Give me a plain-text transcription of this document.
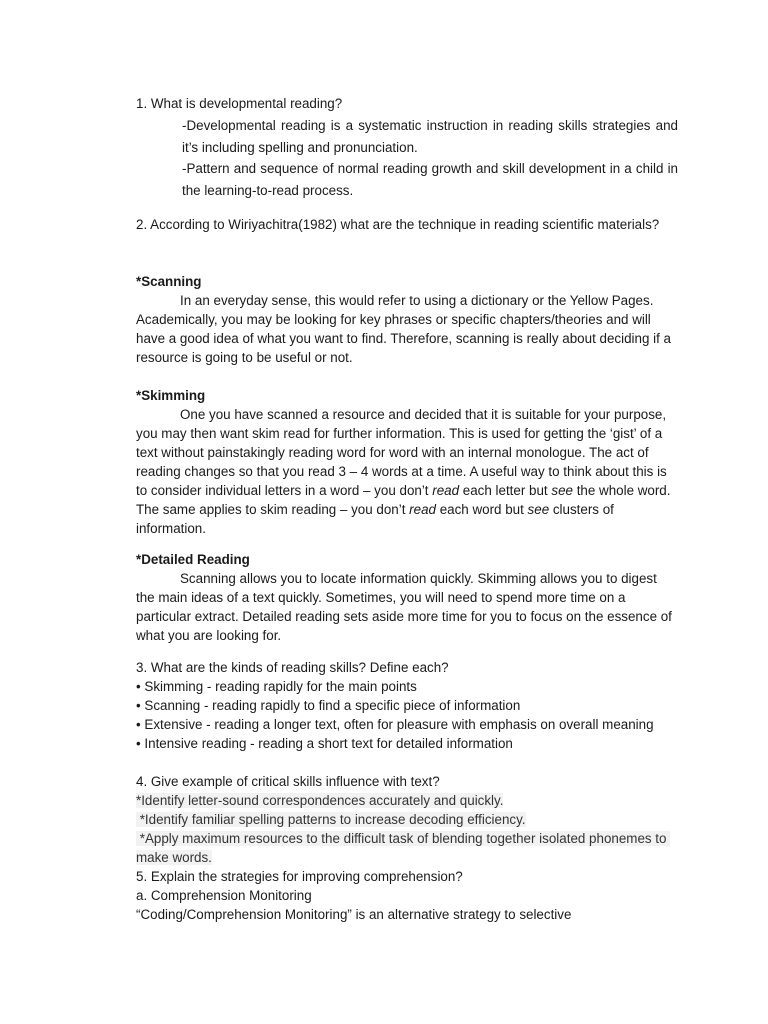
1. What is developmental reading?
-Developmental reading is a systematic instruction in reading skills strategies and it’s including spelling and pronunciation.
-Pattern and sequence of normal reading growth and skill development in a child in the learning-to-read process.
2. According to Wiriyachitra(1982) what are the technique in reading scientific materials?
*Scanning
In an everyday sense, this would refer to using a dictionary or the Yellow Pages. Academically, you may be looking for key phrases or specific chapters/theories and will have a good idea of what you want to find. Therefore, scanning is really about deciding if a resource is going to be useful or not.
*Skimming
One you have scanned a resource and decided that it is suitable for your purpose, you may then want skim read for further information. This is used for getting the ‘gist’ of a text without painstakingly reading word for word with an internal monologue. The act of reading changes so that you read 3 – 4 words at a time. A useful way to think about this is to consider individual letters in a word – you don’t read each letter but see the whole word. The same applies to skim reading – you don’t read each word but see clusters of information.
*Detailed Reading
Scanning allows you to locate information quickly. Skimming allows you to digest the main ideas of a text quickly. Sometimes, you will need to spend more time on a particular extract. Detailed reading sets aside more time for you to focus on the essence of what you are looking for.
3. What are the kinds of reading skills? Define each?
• Skimming - reading rapidly for the main points
• Scanning - reading rapidly to find a specific piece of information
• Extensive - reading a longer text, often for pleasure with emphasis on overall meaning
• Intensive reading - reading a short text for detailed information
4. Give example of critical skills influence with text?
*Identify letter-sound correspondences accurately and quickly.
*Identify familiar spelling patterns to increase decoding efficiency.
*Apply maximum resources to the difficult task of blending together isolated phonemes to make words.
5. Explain the strategies for improving comprehension?
a. Comprehension Monitoring
“Coding/Comprehension Monitoring” is an alternative strategy to selective
